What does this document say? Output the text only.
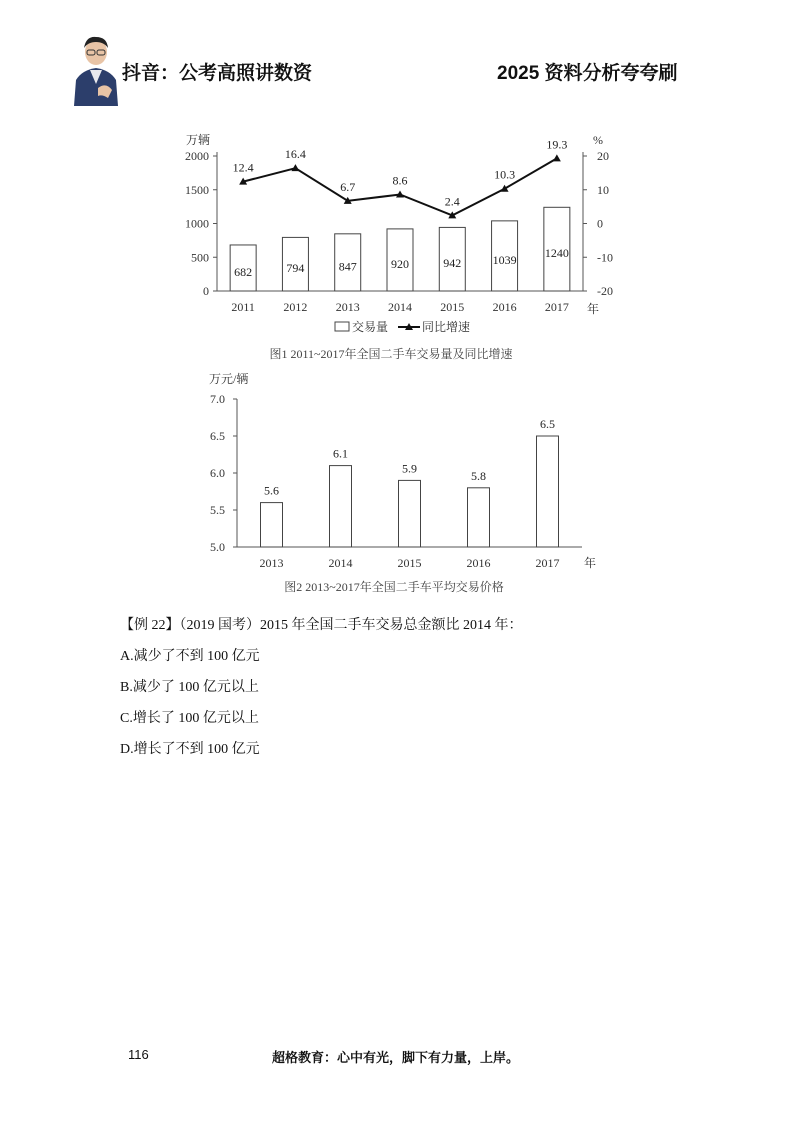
抖音：公考高照讲数资	2025 资料分析夸夸刷
万辆	%
0
500
1000
1500
2000
-20
-10
0
10
20
682	794	847	920	942	1039 1240
2011 2012 2013 2014 2015 2016 2017 年
12.4
16.4
6.7	8.6
2.4
10.3
19.3
交易量	同比增速
图1 2011~2017年全国二手车交易量及同比增速
万元/辆
5.0
5.5
6.0
6.5
7.0
5.6
6.1
5.9
5.8
6.5
2013	2014	2015	2016	2017 年
图2 2013~2017年全国二手车平均交易价格
【例 22】（2019 国考）2015 年全国二手车交易总金额比 2014 年：
A.减少了不到 100 亿元
B.减少了 100 亿元以上
C.增长了 100 亿元以上
D.增长了不到 100 亿元
116	超格教育：心中有光，脚下有力量，上岸。
